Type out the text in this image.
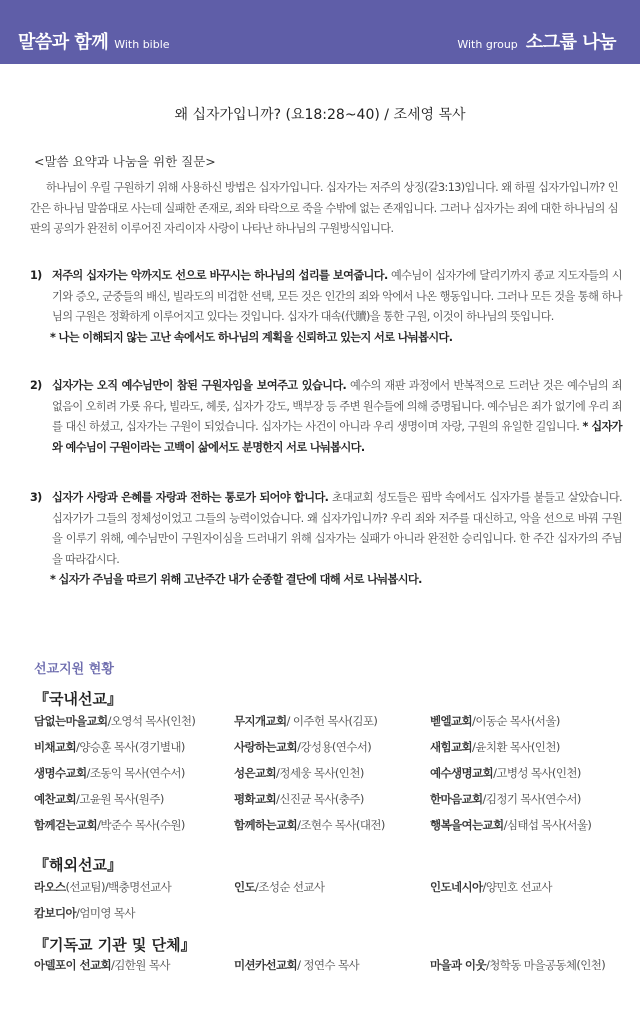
말씀과 함께 With bible	With group 소그룹 나눔
왜 십자가입니까? (요18:28~40) / 조세영 목사
<말씀 요약과 나눔을 위한 질문>
하나님이 우릴 구원하기 위해 사용하신 방법은 십자가입니다. 십자가는 저주의 상징(갈3:13)입니다. 왜 하필 십자가입니까? 인간은 하나님 말씀대로 사는데 실패한 존재로, 죄와 타락으로 죽을 수밖에 없는 존재입니다. 그러나 십자가는 죄에 대한 하나님의 심판의 공의가 완전히 이루어진 자리이자 사랑이 나타난 하나님의 구원방식입니다.
1) 저주의 십자가는 악까지도 선으로 바꾸시는 하나님의 섭리를 보여줍니다. 예수님이 십자가에 달리기까지 종교 지도자들의 시기와 증오, 군중들의 배신, 빌라도의 비겁한 선택, 모든 것은 인간의 죄와 악에서 나온 행동입니다. 그러나 모든 것을 통해 하나님의 구원은 정확하게 이루어지고 있다는 것입니다. 십자가 대속(代贖)을 통한 구원, 이것이 하나님의 뜻입니다.
* 나는 이해되지 않는 고난 속에서도 하나님의 계획을 신뢰하고 있는지 서로 나눠봅시다.
2) 십자가는 오직 예수님만이 참된 구원자임을 보여주고 있습니다. 예수의 재판 과정에서 반복적으로 드러난 것은 예수님의 죄 없음이 오히려 가룟 유다, 빌라도, 헤롯, 십자가 강도, 백부장 등 주변 원수들에 의해 증명됩니다. 예수님은 죄가 없기에 우리 죄를 대신 하셨고, 십자가는 구원이 되었습니다. 십자가는 사건이 아니라 우리 생명이며 자랑, 구원의 유일한 길입니다. * 십자가와 예수님이 구원이라는 고백이 삶에서도 분명한지 서로 나눠봅시다.
3) 십자가 사랑과 은혜를 자랑과 전하는 통로가 되어야 합니다. 초대교회 성도들은 핍박 속에서도 십자가를 붙들고 살았습니다. 십자가가 그들의 정체성이었고 그들의 능력이었습니다. 왜 십자가입니까? 우리 죄와 저주를 대신하고, 악을 선으로 바꿔 구원을 이루기 위해, 예수님만이 구원자이심을 드러내기 위해 십자가는 실패가 아니라 완전한 승리입니다. 한 주간 십자가의 주님을 따라갑시다.
* 십자가 주님을 따르기 위해 고난주간 내가 순종할 결단에 대해 서로 나눠봅시다.
선교지원 현황
『국내선교』
담없는마을교회/오영석 목사(인천)	무지개교회/ 이주헌 목사(김포)	벧엘교회/이동순 목사(서울)
비채교회/양승훈 목사(경기별내)	사랑하는교회/강성용(연수서)	새힘교회/윤치환 목사(인천)
생명수교회/조동익 목사(연수서)	성은교회/정세웅 목사(인천)	예수생명교회/고병성 목사(인천)
예찬교회/고윤원 목사(원주)	평화교회/신진균 목사(충주)	한마음교회/김정기 목사(연수서)
함께걷는교회/박준수 목사(수원)	함께하는교회/조현수 목사(대전)	행복을여는교회/심태섭 목사(서울)
『해외선교』
라오스(선교팀)/백충명선교사	인도/조성순 선교사	인도네시아/양민호 선교사
캄보디아/엄미영 목사
『기독교 기관 및 단체』
아델포이 선교회/김한원 목사	미션카선교회/ 정연수 목사	마을과 이웃/청학동 마을공동체(인천)
